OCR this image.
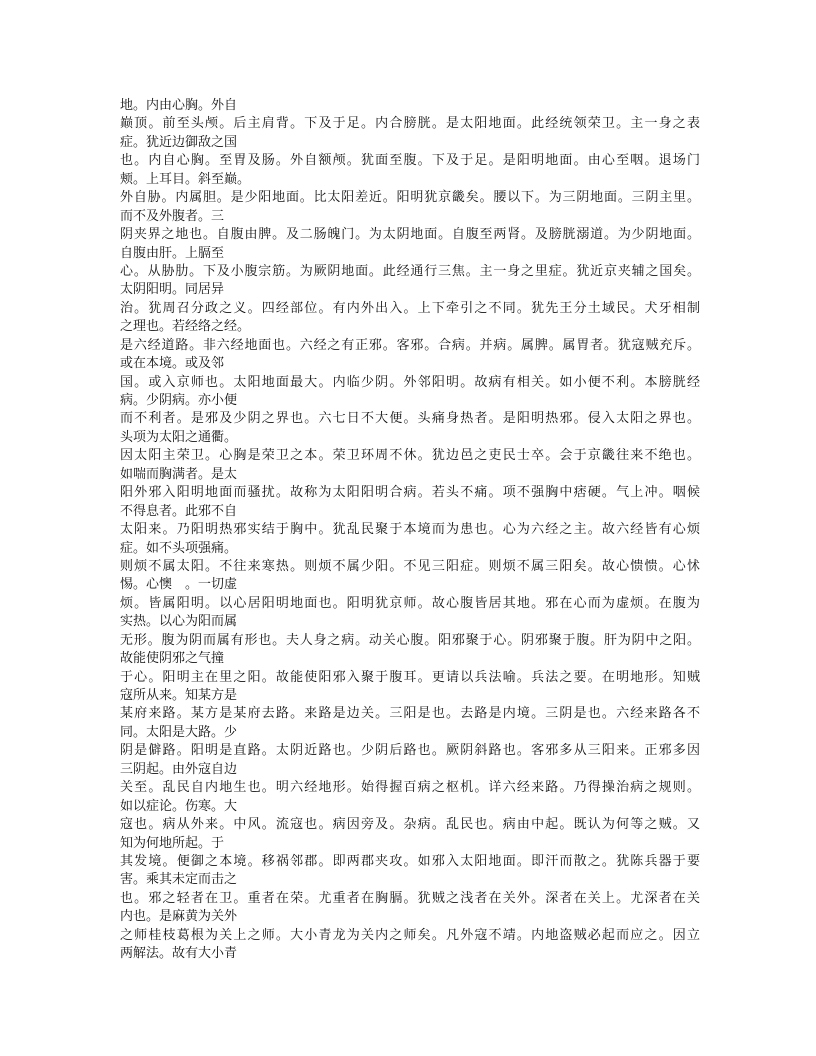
地。内由心胸。外自
巅顶。前至头颅。后主肩背。下及于足。内合膀胱。是太阳地面。此经统领荣卫。主一身之表
症。犹近边御敌之国
也。内自心胸。至胃及肠。外自额颅。犹面至腹。下及于足。是阳明地面。由心至咽。退场门
颊。上耳目。斜至巅。
外自胁。内属胆。是少阳地面。比太阳差近。阳明犹京畿矣。腰以下。为三阴地面。三阴主里。
而不及外腹者。三
阴夹界之地也。自腹由脾。及二肠魄门。为太阴地面。自腹至两肾。及膀胱溺道。为少阴地面。
自腹由肝。上膈至
心。从胁肋。下及小腹宗筋。为厥阴地面。此经通行三焦。主一身之里症。犹近京夹辅之国矣。
太阴阳明。同居异
治。犹周召分政之义。四经部位。有内外出入。上下牵引之不同。犹先王分土域民。犬牙相制
之理也。若经络之经。
是六经道路。非六经地面也。六经之有正邪。客邪。合病。并病。属脾。属胃者。犹寇贼充斥。
或在本境。或及邻
国。或入京师也。太阳地面最大。内临少阴。外邻阳明。故病有相关。如小便不利。本膀胱经
病。少阴病。亦小便
而不利者。是邪及少阴之界也。六七日不大便。头痛身热者。是阳明热邪。侵入太阳之界也。
头项为太阳之通衢。
因太阳主荣卫。心胸是荣卫之本。荣卫环周不休。犹边邑之吏民士卒。会于京畿往来不绝也。
如喘而胸满者。是太
阳外邪入阳明地面而骚扰。故称为太阳阳明合病。若头不痛。项不强胸中痞硬。气上冲。咽候
不得息者。此邪不自
太阳来。乃阳明热邪实结于胸中。犹乱民聚于本境而为患也。心为六经之主。故六经皆有心烦
症。如不头项强痛。
则烦不属太阳。不往来寒热。则烦不属少阳。不见三阳症。则烦不属三阳矣。故心愦愦。心怵
惕。心懊　。一切虚
烦。皆属阳明。以心居阳明地面也。阳明犹京师。故心腹皆居其地。邪在心而为虚烦。在腹为
实热。以心为阳而属
无形。腹为阴而属有形也。夫人身之病。动关心腹。阳邪聚于心。阴邪聚于腹。肝为阴中之阳。
故能使阴邪之气撞
于心。阳明主在里之阳。故能使阳邪入聚于腹耳。更请以兵法喻。兵法之要。在明地形。知贼
寇所从来。知某方是
某府来路。某方是某府去路。来路是边关。三阳是也。去路是内境。三阴是也。六经来路各不
同。太阳是大路。少
阴是僻路。阳明是直路。太阴近路也。少阴后路也。厥阴斜路也。客邪多从三阳来。正邪多因
三阴起。由外寇自边
关至。乱民自内地生也。明六经地形。始得握百病之枢机。详六经来路。乃得操治病之规则。
如以症论。伤寒。大
寇也。病从外来。中风。流寇也。病因旁及。杂病。乱民也。病由中起。既认为何等之贼。又
知为何地所起。于
其发境。便御之本境。移祸邻郡。即两郡夹攻。如邪入太阳地面。即汗而散之。犹陈兵器于要
害。乘其未定而击之
也。邪之轻者在卫。重者在荣。尤重者在胸膈。犹贼之浅者在关外。深者在关上。尤深者在关
内也。是麻黄为关外
之师桂枝葛根为关上之师。大小青龙为关内之师矣。凡外寇不靖。内地盗贼必起而应之。因立
两解法。故有大小青
